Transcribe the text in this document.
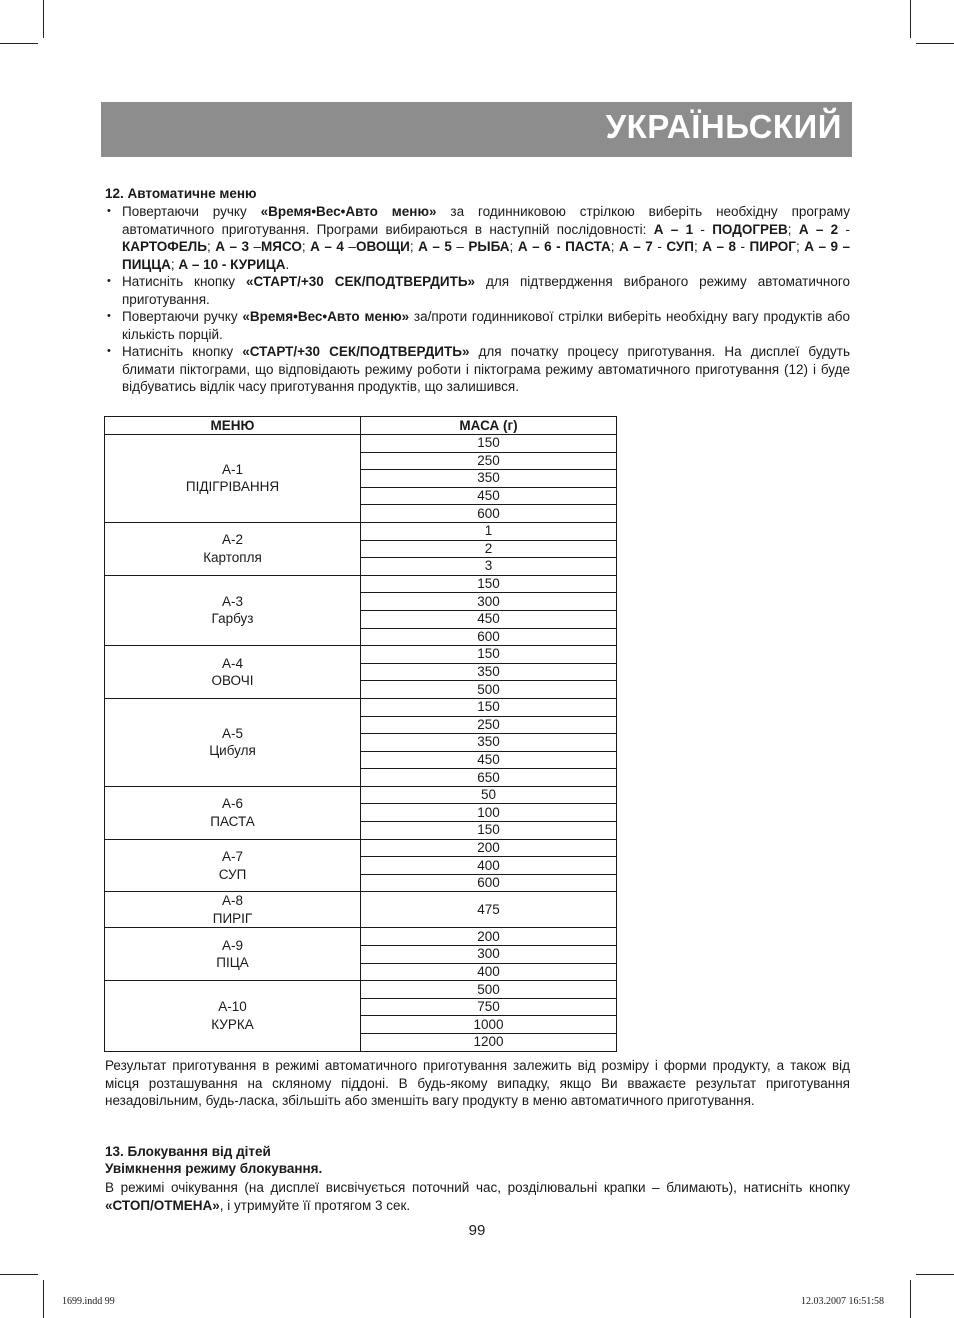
УКРАЇНЬСКИЙ
12. Автоматичне меню
• Повертаючи ручку «Время•Вес•Авто меню» за годинниковою стрілкою виберіть необхідну програму автоматичного приготування. Програми вибираються в наступній послідовності: А – 1 - ПОДОГРЕВ; А – 2 - КАРТОФЕЛЬ; А – 3 –МЯСО; А – 4 –ОВОЩИ; А – 5 – РЫБА; А – 6 - ПАСТА; А – 7 - СУП; А – 8 - ПИРОГ; А – 9 – ПИЦЦА; А – 10 - КУРИЦА.
• Натисніть кнопку «СТАРТ/+30 СЕК/ПОДТВЕРДИТЬ» для підтвердження вибраного режиму автоматичного приготування.
• Повертаючи ручку «Время•Вес•Авто меню» за/проти годинникової стрілки виберіть необхідну вагу продуктів або кількість порцій.
• Натисніть кнопку «СТАРТ/+30 СЕК/ПОДТВЕРДИТЬ» для початку процесу приготування. На дисплеї будуть блимати піктограми, що відповідають режиму роботи і піктограма режиму автоматичного приготування (12) і буде відбуватись відлік часу приготування продуктів, що залишився.
МЕНЮ	МАСА (г)

А-1
ПІДІГРІВАННЯ	150
	250
	350
	450
	600

А-2
Картопля	1
	2
	3

А-3
Гарбуз	150
	300
	450
	600

А-4
ОВОЧІ	150
	350
	500

А-5
Цибуля	150
	250
	350
	450
	650

А-6
ПАСТА	50
	100
	150

А-7
СУП	200
	400
	600

А-8
ПИРІГ	475

А-9
ПІЦА	200
	300
	400

А-10
КУРКА	500
	750
	1000
	1200
Результат приготування в режимі автоматичного приготування залежить від розміру і форми продукту, а також від місця розташування на скляному піддоні. В будь-якому випадку, якщо Ви вважаєте результат приготування незадовільним, будь-ласка, збільшіть або зменшіть вагу продукту в меню автоматичного приготування.
13. Блокування від дітей
Увімкнення режиму блокування.
В режимі очікування (на дисплеї висвічується поточний час, розділювальні крапки – блимають), натисніть кнопку «СТОП/ОТМЕНА», і утримуйте її протягом 3 сек.
99
1699.indd 99	12.03.2007 16:51:58
